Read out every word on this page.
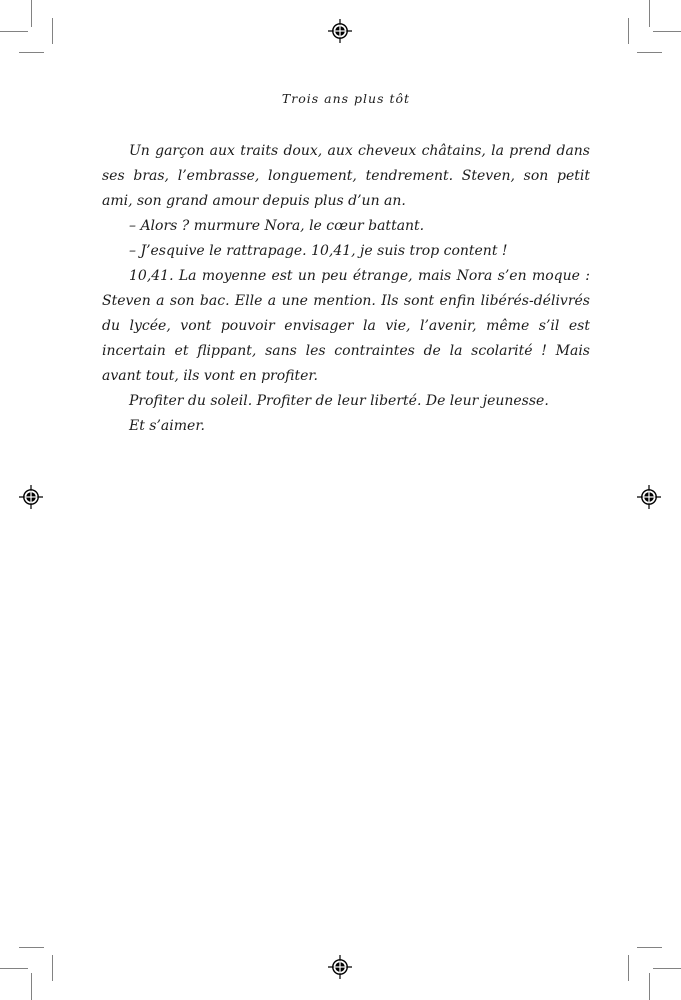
Trois ans plus tôt

Un garçon aux traits doux, aux cheveux châtains, la prend dans ses bras, l’embrasse, longuement, tendrement. Steven, son petit ami, son grand amour depuis plus d’un an.

– Alors ? murmure Nora, le cœur battant.

– J’esquive le rattrapage. 10,41, je suis trop content !

10,41. La moyenne est un peu étrange, mais Nora s’en moque : Steven a son bac. Elle a une mention. Ils sont enfin libérés-délivrés du lycée, vont pouvoir envisager la vie, l’avenir, même s’il est incertain et flippant, sans les contraintes de la scolarité ! Mais avant tout, ils vont en profiter.

Profiter du soleil. Profiter de leur liberté. De leur jeunesse.

Et s’aimer.
